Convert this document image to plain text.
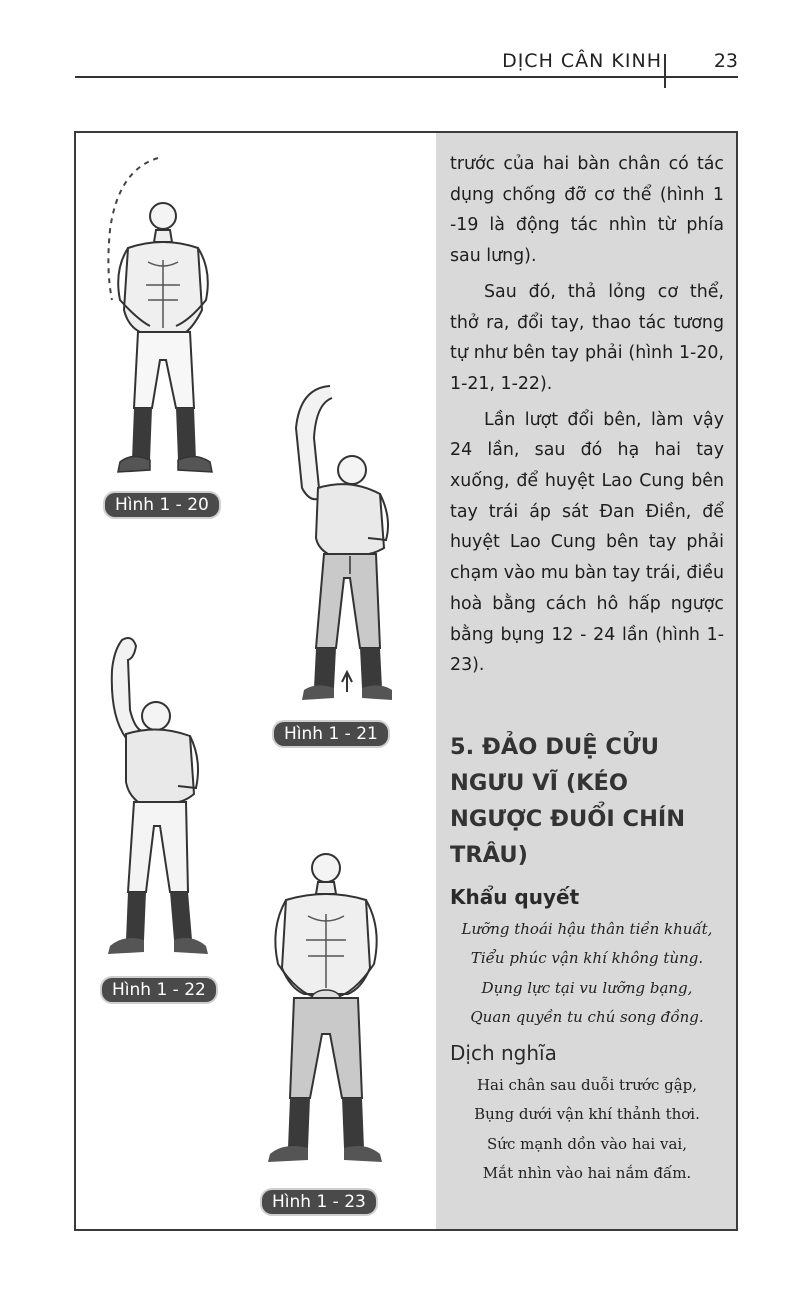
DỊCH CÂN KINH	23
Hình 1 - 20
Hình 1 - 21
Hình 1 - 22
Hình 1 - 23

trước của hai bàn chân có tác dụng chống đỡ cơ thể (hình 1 -19 là động tác nhìn từ phía sau lưng).

Sau đó, thả lỏng cơ thể, thở ra, đổi tay, thao tác tương tự như bên tay phải (hình 1-20, 1-21, 1-22).

Lần lượt đổi bên, làm vậy 24 lần, sau đó hạ hai tay xuống, để huyệt Lao Cung bên tay trái áp sát Đan Điền, để huyệt Lao Cung bên tay phải chạm vào mu bàn tay trái, điều hoà bằng cách hô hấp ngược bằng bụng 12 - 24 lần (hình 1-23).

5. ĐẢO DUỆ CỬU NGƯU VĨ (KÉO NGƯỢC ĐUỔI CHÍN TRÂU)
Khẩu quyết

Lưỡng thoái hậu thân tiền khuất,

Tiểu phúc vận khí không tùng.

Dụng lực tại vu lưỡng bạng,

Quan quyền tu chú song đồng.

Dịch nghĩa

Hai chân sau duỗi trước gập,

Bụng dưới vận khí thảnh thơi.

Sức mạnh dồn vào hai vai,

Mắt nhìn vào hai nắm đấm.
